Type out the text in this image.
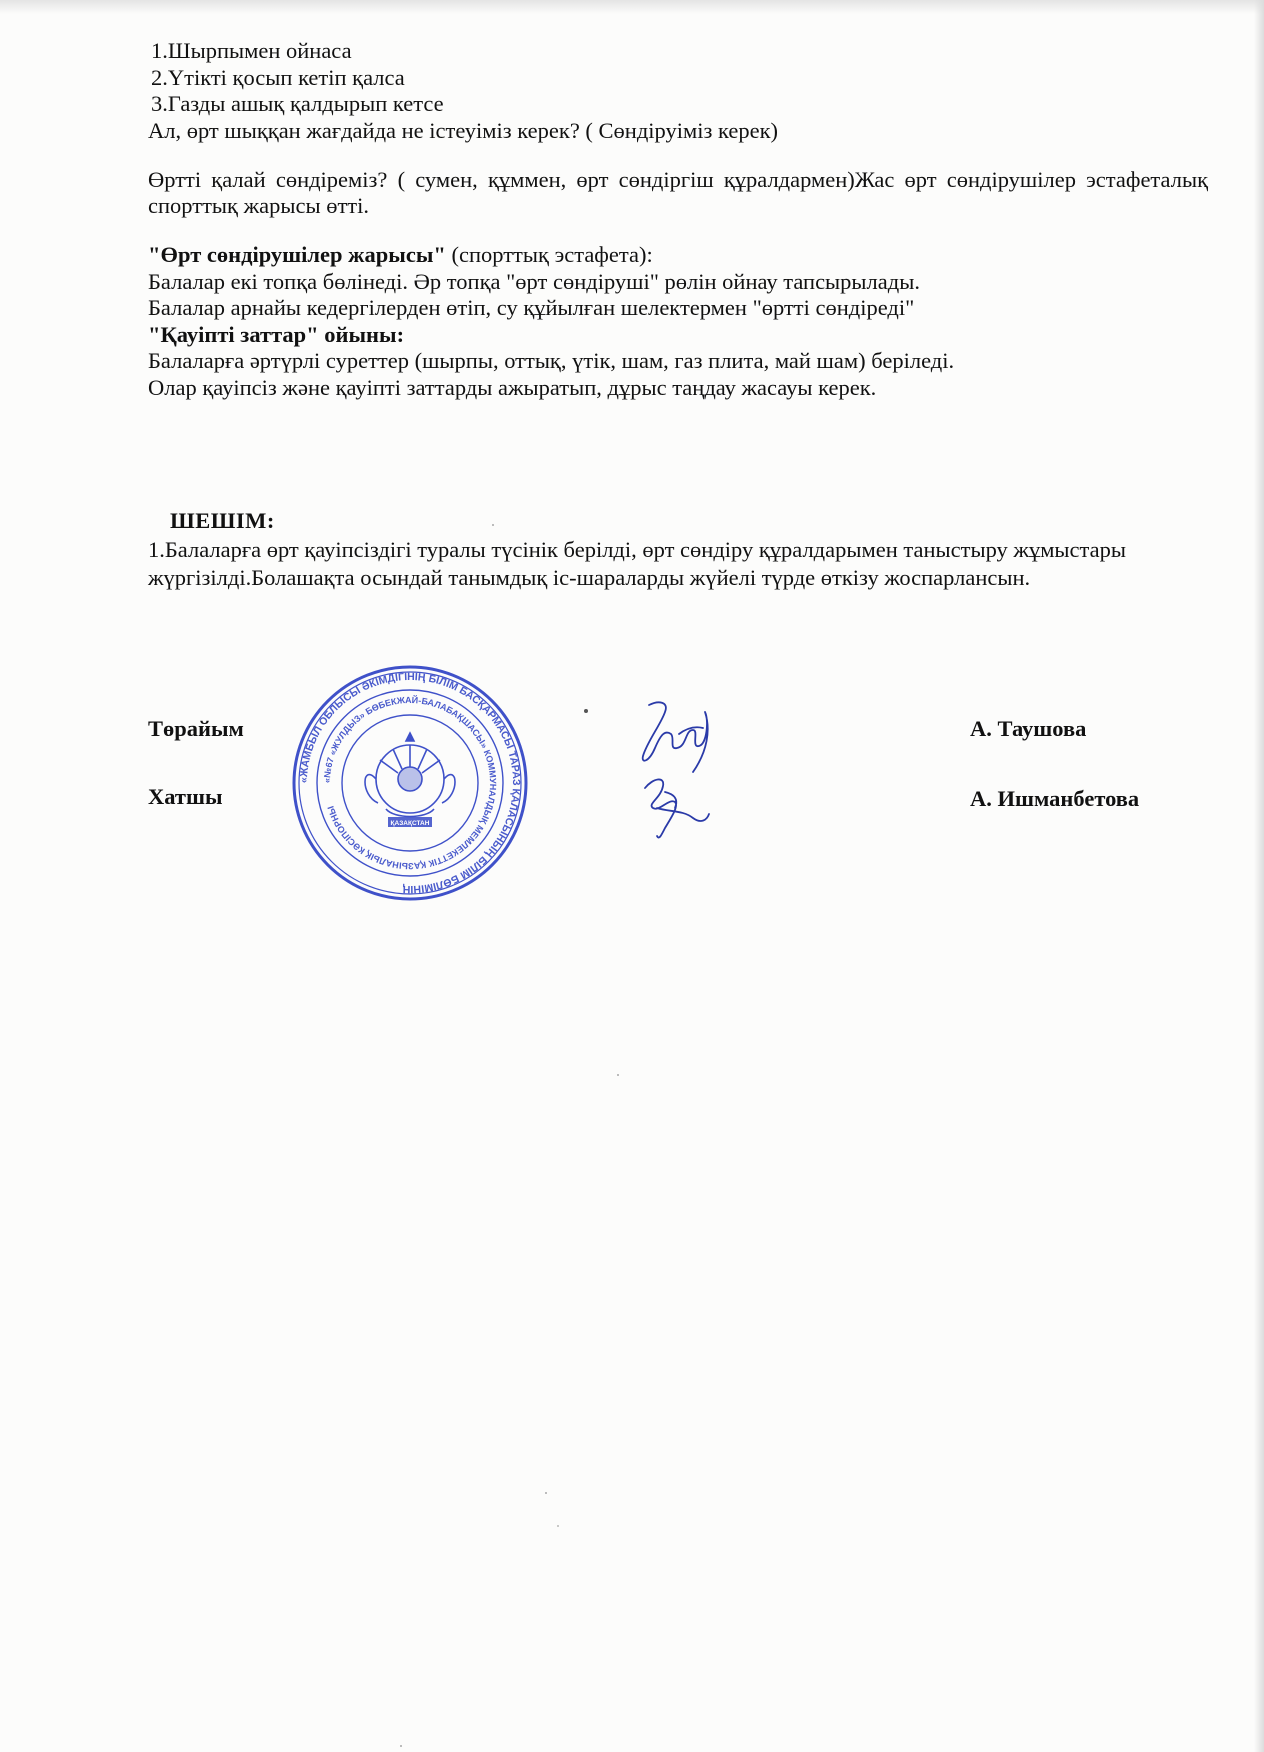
1.Шырпымен ойнаса

2.Үтікті қосып кетіп қалса

3.Газды ашық қалдырып кетсе

Ал, өрт шыққан жағдайда не істеуіміз керек? ( Сөндіруіміз керек)

Өртті қалай сөндіреміз? ( сумен, құммен, өрт сөндіргіш құралдармен)Жас өрт сөндірушілер эстафеталық спорттық жарысы өтті.

"Өрт сөндірушілер жарысы" (спорттық эстафета):

Балалар екі топқа бөлінеді. Әр топқа "өрт сөндіруші" рөлін ойнау тапсырылады.

Балалар арнайы кедергілерден өтіп, су құйылған шелектермен "өртті сөндіреді"

"Қауіпті заттар" ойыны:

Балаларға әртүрлі суреттер (шырпы, оттық, үтік, шам, газ плита, май шам) беріледі.

Олар қауіпсіз және қауіпті заттарды ажыратып, дұрыс таңдау жасауы керек.

ШЕШІМ:
1.Балаларға өрт қауіпсіздігі туралы түсінік берілді, өрт сөндіру құралдарымен таныстыру жұмыстары жүргізілді.Болашақта осындай танымдық іс-шараларды жүйелі түрде өткізу жоспарлансын.
Төрайым	А. Таушова
Хатшы	А. Ишманбетова
«ЖАМБЫЛ ОБЛЫСЫ ӘКІМДІГІНІҢ БІЛІМ БАСҚАРМАСЫ ТАРАЗ ҚАЛАСЫНЫҢ БІЛІМ БӨЛІМІНІҢ
«№67 «ЖУЛДЫЗ» БӨБЕКЖАЙ-БАЛАБАҚШАСЫ» КОММУНАЛДЫҚ МЕМЛЕКЕТТІК ҚАЗЫНАЛЫҚ КӘСІПОРНЫ
ҚАЗАҚСТАН
